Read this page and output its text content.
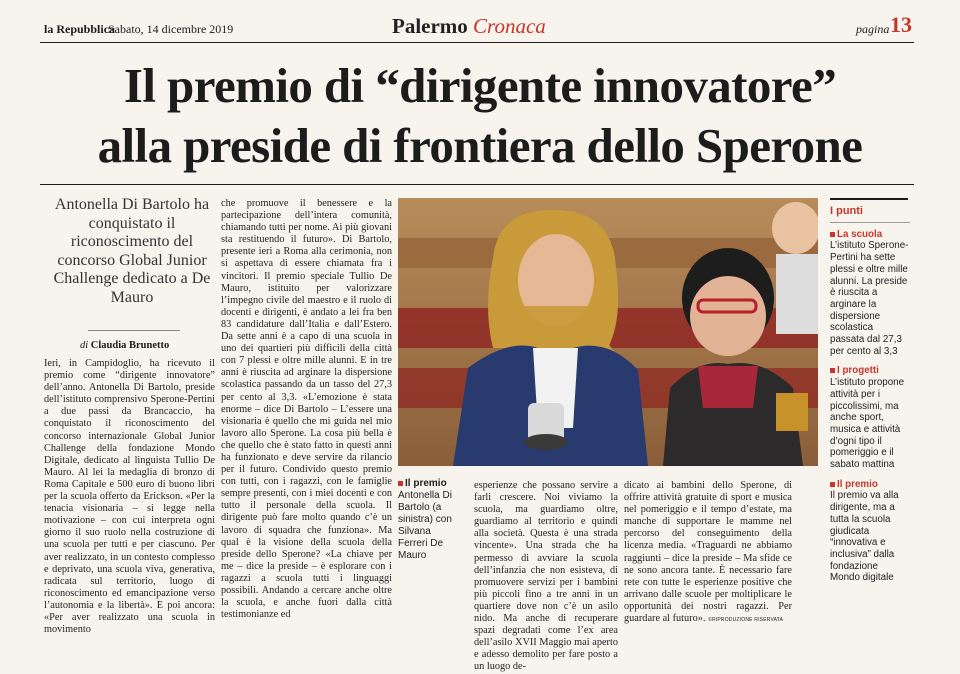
la Repubblica
Sabato, 14 dicembre 2019	Palermo Cronaca	pagina 13
Il premio di “dirigente innovatore”
alla preside di frontiera dello Sperone
Antonella Di Bartolo ha conquistato il riconoscimento del concorso Global Junior Challenge dedicato a De Mauro
di Claudia Brunetto

Ieri, in Campidoglio, ha ricevuto il premio come “dirigente innovatore” dell’anno. Antonella Di Bartolo, preside dell’istituto comprensivo Sperone-Pertini a due passi da Brancaccio, ha conquistato il riconoscimento del concorso internazionale Global Junior Challenge della fondazione Mondo Digitale, dedicato al linguista Tullio De Mauro. Al lei la medaglia di bronzo di Roma Capitale e 500 euro di buono libri per la scuola offerto da Erickson. «Per la tenacia visionaria – si legge nella motivazione – con cui interpreta ogni giorno il suo ruolo nella costruzione di una scuola per tutti e per ciascuno. Per aver realizzato, in un contesto complesso e deprivato, una scuola viva, generativa, radicata sul territorio, luogo di riconoscimento ed emancipazione verso l’autonomia e la libertà». E poi ancora: «Per aver realizzato una scuola in movimento

che promuove il benessere e la partecipazione dell’intera comunità, chiamando tutti per nome. Ai più giovani sta restituendo il futuro». Di Bartolo, presente ieri a Roma alla cerimonia, non si aspettava di essere chiamata fra i vincitori. Il premio speciale Tullio De Mauro, istituito per valorizzare l’impegno civile del maestro e il ruolo di docenti e dirigenti, è andato a lei fra ben 83 candidature dall’Italia e dall’Estero. Da sette anni è a capo di una scuola in uno dei quartieri più difficili della città con 7 plessi e oltre mille alunni. E in tre anni è riuscita ad arginare la dispersione scolastica passando da un tasso del 27,3 per cento al 3,3. «L’emozione è stata enorme – dice Di Bartolo – L’essere una visionaria è quello che mi guida nel mio lavoro allo Sperone. La cosa più bella è che quello che è stato fatto in questi anni ha funzionato e deve servire da rilancio per il futuro. Condivido questo premio con tutti, con i ragazzi, con le famiglie sempre presenti, con i miei docenti e con tutto il personale della scuola. Il dirigente può fare molto quando c’è un lavoro di squadra che funziona». Ma qual è la visione della scuola della preside dello Sperone? «La chiave per me – dice la preside – è esplorare con i ragazzi a scuola tutti i linguaggi possibili. Andando a cercare anche oltre la scuola, e anche fuori dalla città testimonianze ed

esperienze che possano servire a farli crescere. Noi viviamo la scuola, ma guardiamo oltre, guardiamo al territorio e quindi alla società. Questa è una strada vincente». Una strada che ha permesso di avviare la scuola dell’infanzia che non esisteva, di promuovere servizi per i bambini più piccoli fino a tre anni in un quartiere dove non c’è un asilo nido. Ma anche di recuperare spazi degradati come l’ex area dell’asilo XVII Maggio mai aperto e adesso demolito per fare posto a un luogo de-

dicato ai bambini dello Sperone, di offrire attività gratuite di sport e musica nel pomeriggio e il tempo d’estate, ma manche di supportare le mamme nel percorso del conseguimento della licenza media. «Traguardi ne abbiamo raggiunti – dice la preside – Ma sfide ce ne sono ancora tante. È necessario fare rete con tutte le esperienze positive che arrivano dalle scuole per moltiplicare le opportunità dei nostri ragazzi. Per guardare al futuro». ©RIPRODUZIONE RISERVATA

Il premio
Antonella Di Bartolo (a sinistra) con Silvana Ferreri De Mauro
I punti
La scuola
L’istituto Sperone-Pertini ha sette plessi e oltre mille alunni. La preside è riuscita a arginare la dispersione scolastica passata dal 27,3 per cento al 3,3
I progetti
L’istituto propone attività per i piccolissimi, ma anche sport, musica e attività d’ogni tipo il pomeriggio e il sabato mattina
Il premio
Il premio va alla dirigente, ma a tutta la scuola giudicata “innovativa e inclusiva” dalla fondazione Mondo digitale
